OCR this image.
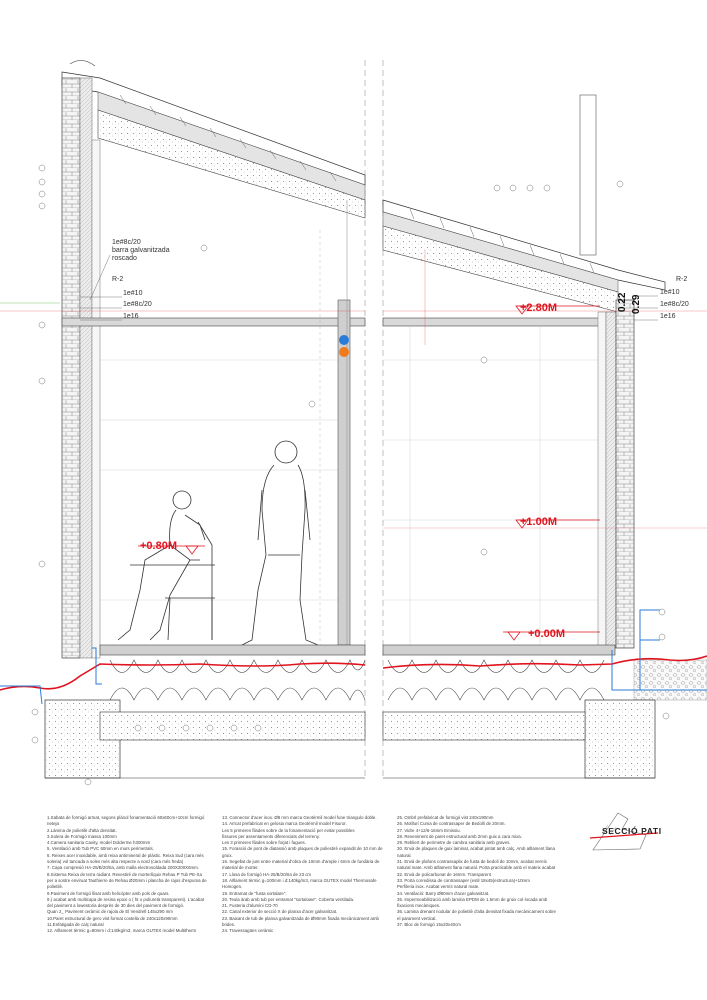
+0.80M
1e#8c/20
barra galvanitzada
roscado
R-2
1e#10
1e#8c/20
1e16
+2.80M
+1.00M
+0.00M
R-2
1e#10
1e#8c/20
1e16
0.22 0.29
1.Sabata de formigó armat, segons plànol fonamentació 60x60cm+10cm formigó neteja
2.Làmina de polietilè d'alta densitat.
3.Solera de Formigó massa 100mm
4.Camera sanitaria Cavity, model Dolderme h300mm
5. Ventilació amb Tub PVC 60mm en murs perimetrals.
6. Reixes acer inoxidable, amb reixa antimineral de plàstic. Reixa Sud (cara més
soleria) vol tancada a soles més alta respecte a nord (cara més freda)
7. Capa compresió HA-25/B/20/IIa, amb malla electrosoldada 200X200X6mm.
8.Sistema Reixa de terra radiant. Revestiré de morterlíquix Rehau P Tub PE-Xa
per a sostre enviruat Tauthierre de Rehau Ø20mm i plancha de rajos d'espuma de
polietilè.
9.Paviment de formigó llisat amb helicòpter amb pols de quars.
9.) acabat amb multicapa de resina epoxi o ( ht o poliuretà transparent). L'acabat
del paviment a lowestoria desprès de 30 dies del paviment de formigó.
Quan 2_ Paviment ceràmic de rajola de El Vendrell 145x290 mm
10.Paret estructural de gero vist format costella de 240x120x90mm
11.Enfatigada de calç natural
12. Aïllament tèrmic g=80mm i d:140kg/m3, marca GUTEX model Multitherm
13. Connector d'acer inox. Ø8 mm marca Geotèrmil model fune triangulo doble.
14. Arrcat prefabricat en gelosia marca Geotèrmil model Fisuror.
Les 5 primeres filades sobre de la fonamentació per evitar possibles
fissures per assentaments diferenciats del terreny.
Les 3 primeres filades sobre forjat i fagues.
15. Forassió de pont de diatassió amb plaques de poliestirè expandit de 10 mm de
gruix.
16. Segellat de junt entre material d'obra de 10mm d'ample i 6mm de fundària de
material de morter.
17. Llosa de formigó HA-25/B/20/IIa de 23 cm
18. Aïllament tèrmic g=100mm i d:140kg/m3, marca GUTEX model Thermosafe
Homogen.
19. Entramat de "fusta sortalare".
20. Teula àrab amb tub per entramat "sortalowe". Coberta ventilada.
21. Fusteria d'alumini CO-70
22. Canal exterior de secció X de planxa d'acer galvanitzat.
23. Baixant de tub de planxa galvanitzada de Ø90mm fixada mecànicament amb
brides.
24. Travessagües ceràmic
25. Ombrl prefabricat de formigó vist 240x190mm
26. Motllurí Cuma de contrassaper de Bedolli de 20mm.
27. Vidre 4+12/6-16mm Emissiu.
28. Reveniment de paret estructural amb 2mm guix a cara mixa.
29. Rebliert de perimetre de cambra sanitària amb graves.
30. Envà de plaques de guix laminat, acabat pintat amb calç. Amb aïllament llana
natural.
31. Envà de plafons contrassaplix de fusta de bedoli de 10mm, acabat vernís
natural mate. Amb aïllament llana natural. Porta practicable amb el mateix acabat
32. Envà de policarbonat de 16mm. Transparent
33. Porta corredissa de contrassaper (estil 18x45(estructura)+10mm
Perfileria inox. Acabat vernís natural mate.
34. Ventilació: Barry Ø80mm d'acer galvanitzat.
35. Impermeabilització amb lamina EPDM de 1.5mm de gruix col·locada amb
fixacions mecàniques.
36. Lamina drenant nodular de polietilè d'alta densitat fixada mecànicament sobre
el parament vertical.
37. Bloc de formigó 15x20x40cm
SECCIÓ PATI
